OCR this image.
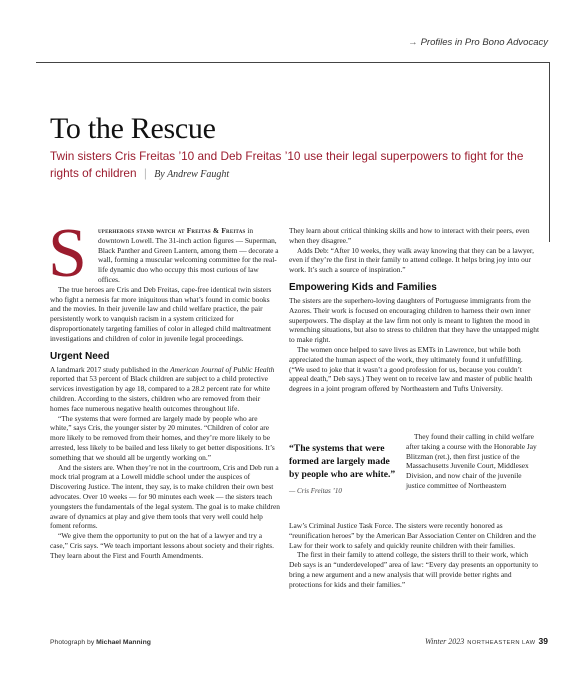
→ Profiles in Pro Bono Advocacy
To the Rescue
Twin sisters Cris Freitas ’10 and Deb Freitas ’10 use their legal superpowers to fight for the rights of children | By Andrew Faught
S	uperheroes stand watch at Freitas & Freitas in downtown Lowell. The 31-inch action figures — Superman, Black Panther and Green Lantern, among them — decorate a wall, forming a muscular welcoming committee for the real-life dynamic duo who occupy this most curious of law offices.

The true heroes are Cris and Deb Freitas, cape-free identical twin sisters who fight a nemesis far more iniquitous than what’s found in comic books and the movies. In their juvenile law and child welfare practice, the pair persistently work to vanquish racism in a system criticized for disproportionately targeting families of color in alleged child maltreatment investigations and children of color in juvenile legal proceedings.

Urgent Need

A landmark 2017 study published in the American Journal of Public Health reported that 53 percent of Black children are subject to a child protective services investigation by age 18, compared to a 28.2 percent rate for white children. According to the sisters, children who are removed from their homes face numerous negative health outcomes throughout life.

“The systems that were formed are largely made by people who are white,” says Cris, the younger sister by 20 minutes. “Children of color are more likely to be removed from their homes, and they’re more likely to be arrested, less likely to be bailed and less likely to get better dispositions. It’s something that we should all be urgently working on.”

And the sisters are. When they’re not in the courtroom, Cris and Deb run a mock trial program at a Lowell middle school under the auspices of Discovering Justice. The intent, they say, is to make children their own best advocates. Over 10 weeks — for 90 minutes each week — the sisters teach youngsters the fundamentals of the legal system. The goal is to make children aware of dynamics at play and give them tools that very well could help foment reforms.

“We give them the opportunity to put on the hat of a lawyer and try a case,” Cris says. “We teach important lessons about society and their rights. They learn about the First and Fourth Amendments.

They learn about critical thinking skills and how to interact with their peers, even when they disagree.”

Adds Deb: “After 10 weeks, they walk away knowing that they can be a lawyer, even if they’re the first in their family to attend college. It helps bring joy into our work. It’s such a source of inspiration.”

Empowering Kids and Families

The sisters are the superhero-loving daughters of Portuguese immigrants from the Azores. Their work is focused on encouraging children to harness their own inner superpowers. The display at the law firm not only is meant to lighten the mood in wrenching situations, but also to stress to children that they have the untapped might to make right.

The women once helped to save lives as EMTs in Lawrence, but while both appreciated the human aspect of the work, they ultimately found it unfulfilling. (“We used to joke that it wasn’t a good profession for us, because you couldn’t appeal death,” Deb says.) They went on to receive law and master of public health degrees in a joint program offered by Northeastern and Tufts University.

“The systems that were formed are largely made by people who are white.”
— Cris Freitas ’10

They found their calling in child welfare after taking a course with the Honorable Jay Blitzman (ret.), then first justice of the Massachusetts Juvenile Court, Middlesex Division, and now chair of the juvenile justice committee of Northeastern

Law’s Criminal Justice Task Force. The sisters were recently honored as “reunification heroes” by the American Bar Association Center on Children and the Law for their work to safely and quickly reunite children with their families.

The first in their family to attend college, the sisters thrill to their work, which Deb says is an “underdeveloped” area of law: “Every day presents an opportunity to bring a new argument and a new analysis that will provide better rights and protections for kids and their families.”

Photograph by Michael Manning	Winter 2023 NORTHEASTERN LAW 39
